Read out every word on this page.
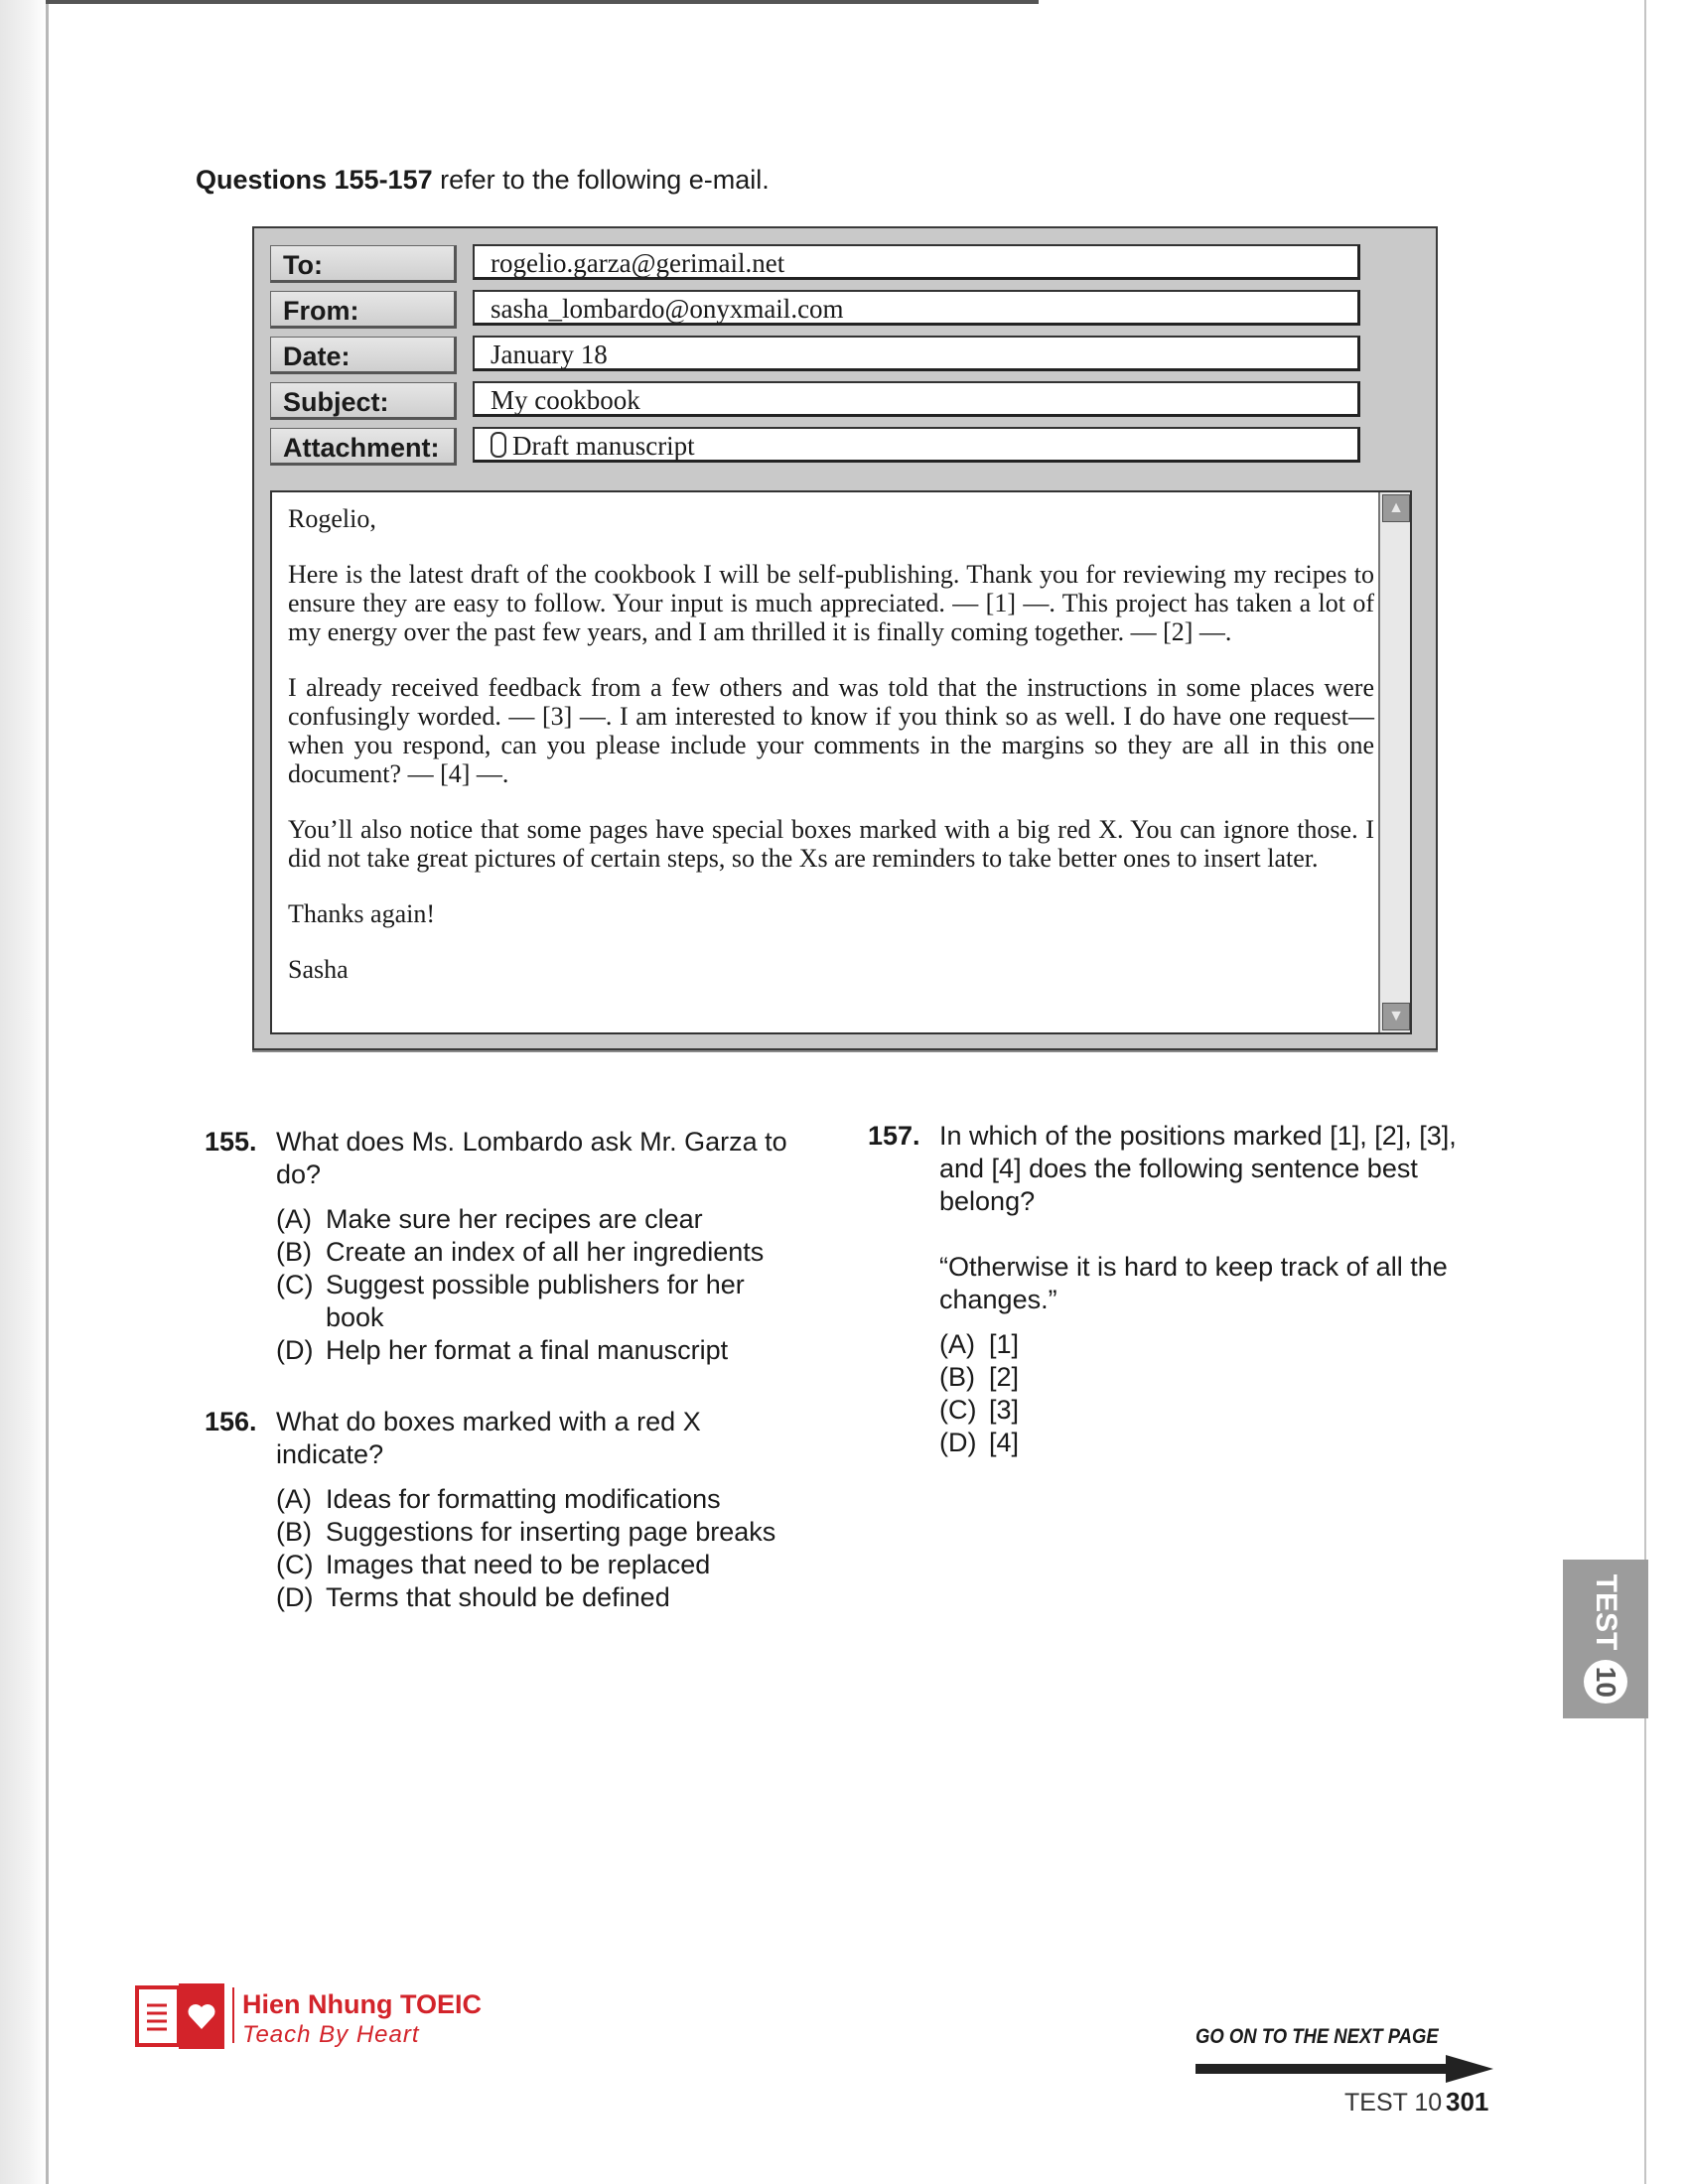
Questions 155-157 refer to the following e-mail.
To:	rogelio.garza@gerimail.net
From:	sasha_lombardo@onyxmail.com
Date:	January 18
Subject:	My cookbook
Attachment:	Draft manuscript

Rogelio,

Here is the latest draft of the cookbook I will be self-publishing. Thank you for reviewing my recipes to ensure they are easy to follow. Your input is much appreciated. — [1] —. This project has taken a lot of my energy over the past few years, and I am thrilled it is finally coming together. — [2] —.

I already received feedback from a few others and was told that the instructions in some places were confusingly worded. — [3] —. I am interested to know if you think so as well. I do have one request—when you respond, can you please include your comments in the margins so they are all in this one document? — [4] —.

You’ll also notice that some pages have special boxes marked with a big red X. You can ignore those. I did not take great pictures of certain steps, so the Xs are reminders to take better ones to insert later.

Thanks again!

Sasha

▲
▼
155. What does Ms. Lombardo ask Mr. Garza to do?
(A) Make sure her recipes are clear
(B) Create an index of all her ingredients
(C) Suggest possible publishers for her book
(D) Help her format a final manuscript
156. What do boxes marked with a red X indicate?
(A) Ideas for formatting modifications
(B) Suggestions for inserting page breaks
(C) Images that need to be replaced
(D) Terms that should be defined
157. In which of the positions marked [1], [2], [3], and [4] does the following sentence best belong?
“Otherwise it is hard to keep track of all the changes.”
(A) [1]
(B) [2]
(C) [3]
(D) [4]
TEST
10
Hien Nhung TOEIC
Teach By Heart	GO ON TO THE NEXT PAGE
TEST 10 301
